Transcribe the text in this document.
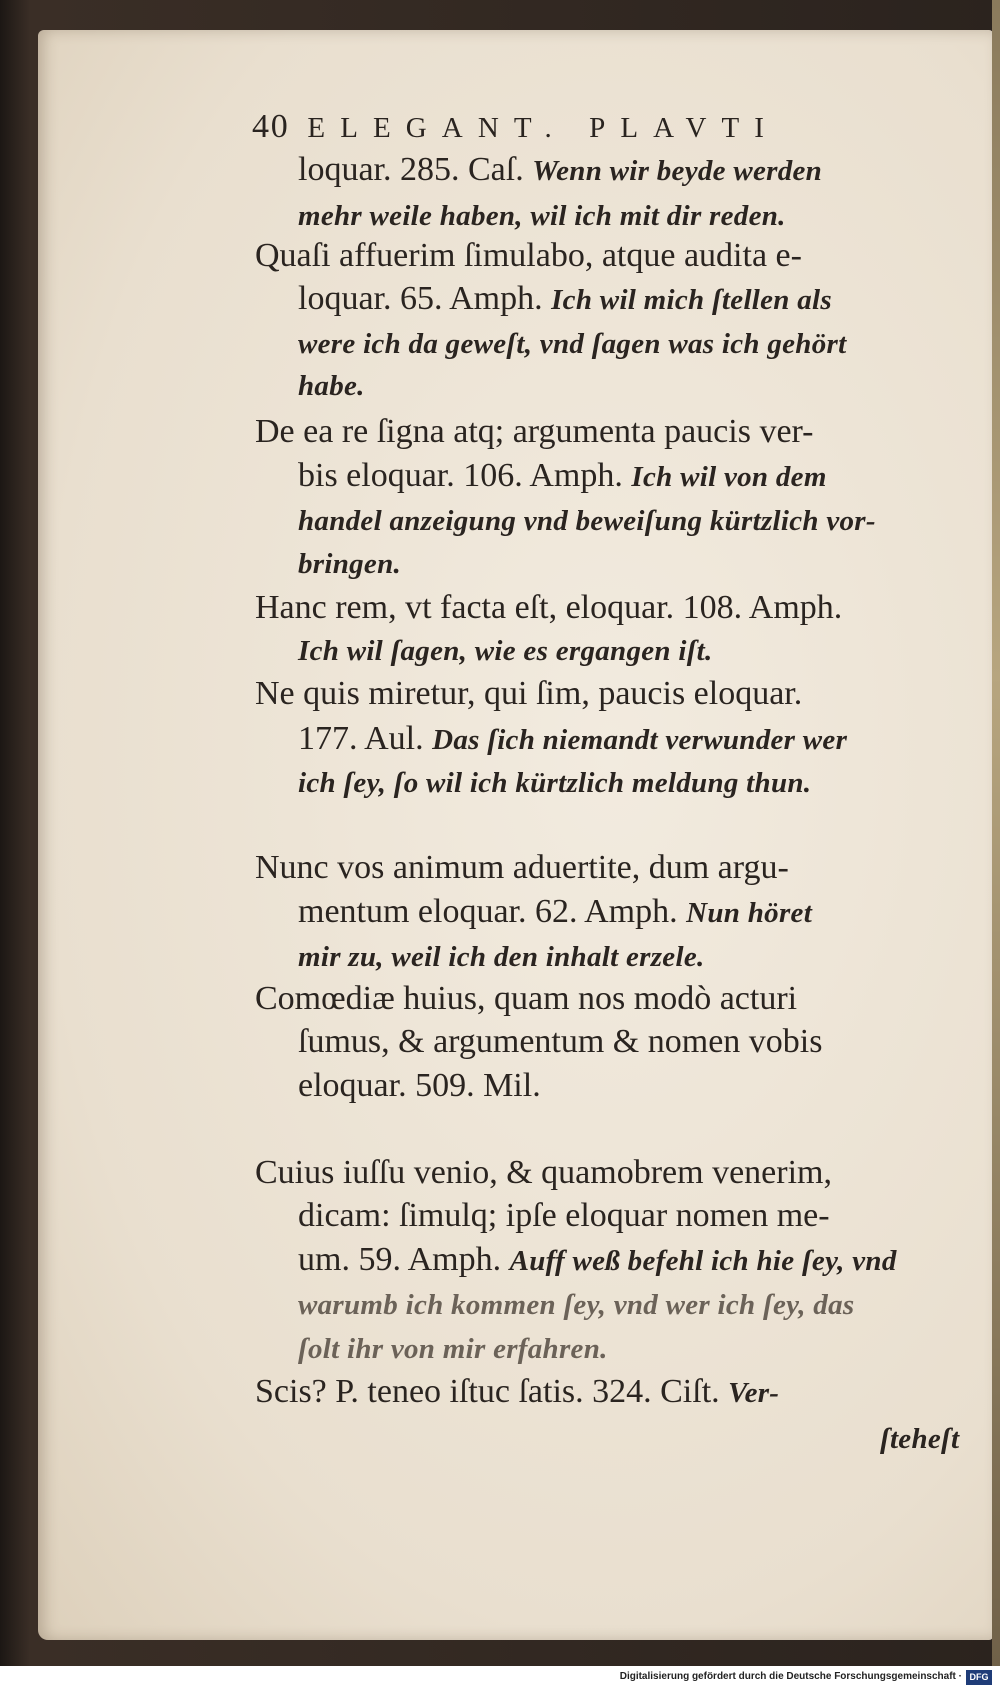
40 ELEGANT. PLAVTI
loquar. 285. Caſ. Wenn wir beyde werden
mehr weile haben, wil ich mit dir reden.
Quaſi affuerim ſimulabo, atque audita e-
loquar. 65. Amph. Ich wil mich ſtellen als
were ich da geweſt, vnd ſagen was ich gehört
habe.
De ea re ſigna atq; argumenta paucis ver-
bis eloquar. 106. Amph. Ich wil von dem
handel anzeigung vnd beweiſung kürtzlich vor-
bringen.
Hanc rem, vt facta eſt, eloquar. 108. Amph.
Ich wil ſagen, wie es ergangen iſt.
Ne quis miretur, qui ſim, paucis eloquar.
177. Aul. Das ſich niemandt verwunder wer
ich ſey, ſo wil ich kürtzlich meldung thun.
Nunc vos animum aduertite, dum argu-
mentum eloquar. 62. Amph. Nun höret
mir zu, weil ich den inhalt erzele.
Comœdiæ huius, quam nos modò acturi
ſumus, & argumentum & nomen vobis
eloquar. 509. Mil.
Cuius iuſſu venio, & quamobrem venerim,
dicam: ſimulq; ipſe eloquar nomen me-
um. 59. Amph. Auff weß befehl ich hie ſey, vnd
warumb ich kommen ſey, vnd wer ich ſey, das
ſolt ihr von mir erfahren.
Scis? P. teneo iſtuc ſatis. 324. Ciſt. Ver-
ſteheſt
Digitalisierung gefördert durch die Deutsche Forschungsgemeinschaft · DFG
